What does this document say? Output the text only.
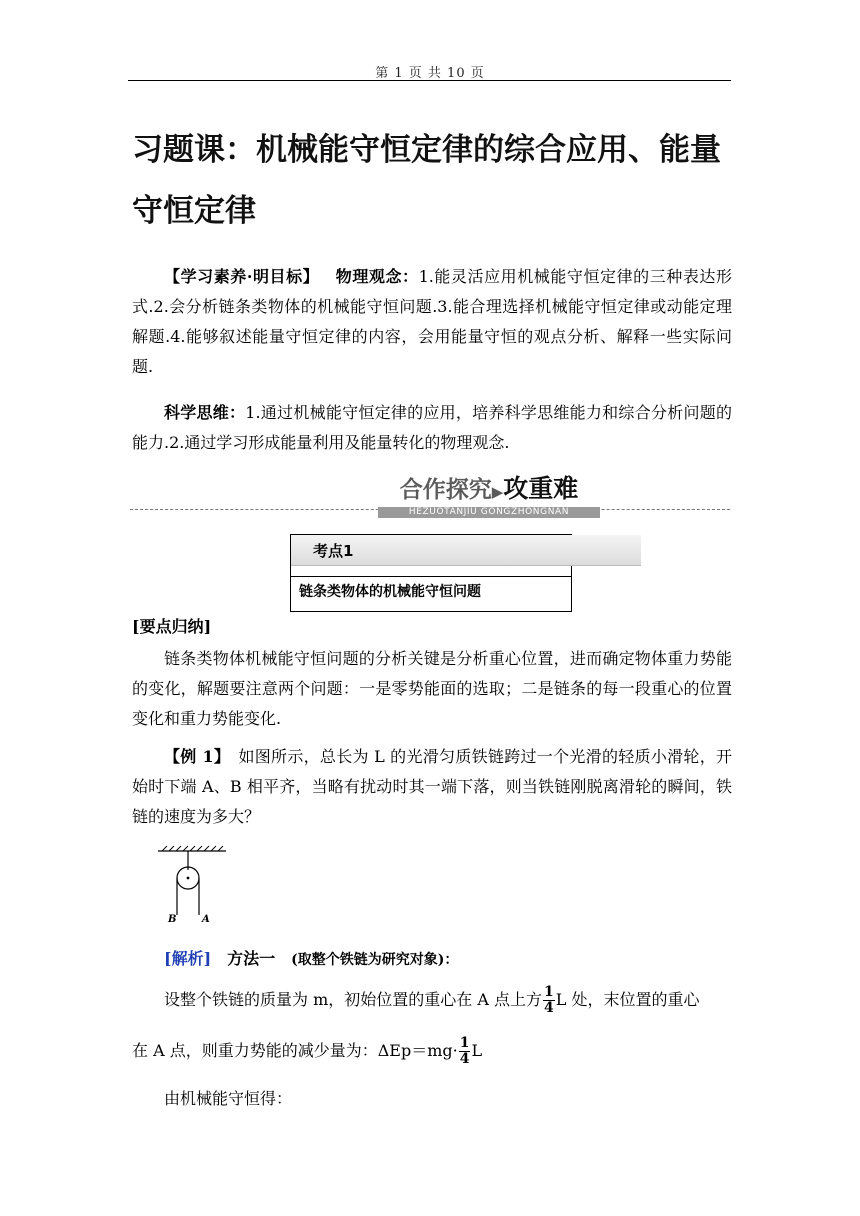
第 1 页 共 10 页
习题课：机械能守恒定律的综合应用、能量
守恒定律
【学习素养·明目标】  物理观念：1.能灵活应用机械能守恒定律的三种表达形式.2.会分析链条类物体的机械能守恒问题.3.能合理选择机械能守恒定律或动能定理解题.4.能够叙述能量守恒定律的内容，会用能量守恒的观点分析、解释一些实际问题.
科学思维：1.通过机械能守恒定律的应用，培养科学思维能力和综合分析问题的能力.2.通过学习形成能量利用及能量转化的物理观念.
合作探究▶攻重难
HEZUOTANJIU GONGZHONGNAN
考点1
链条类物体的机械能守恒问题
[要点归纳]
链条类物体机械能守恒问题的分析关键是分析重心位置，进而确定物体重力势能的变化，解题要注意两个问题：一是零势能面的选取；二是链条的每一段重心的位置变化和重力势能变化.
【例 1】  如图所示，总长为 L 的光滑匀质铁链跨过一个光滑的轻质小滑轮，开始时下端 A、B 相平齐，当略有扰动时其一端下落，则当铁链刚脱离滑轮的瞬间，铁链的速度为多大？
B	A
[解析]  方法一  (取整个铁链为研究对象)：
设整个铁链的质量为 m，初始位置的重心在 A 点上方 $\frac{1}{4}$ L 处，末位置的重心
在 A 点，则重力势能的减少量为：$\Delta Ep=mg\cdot \frac{1}{4}$ L
由机械能守恒得：
